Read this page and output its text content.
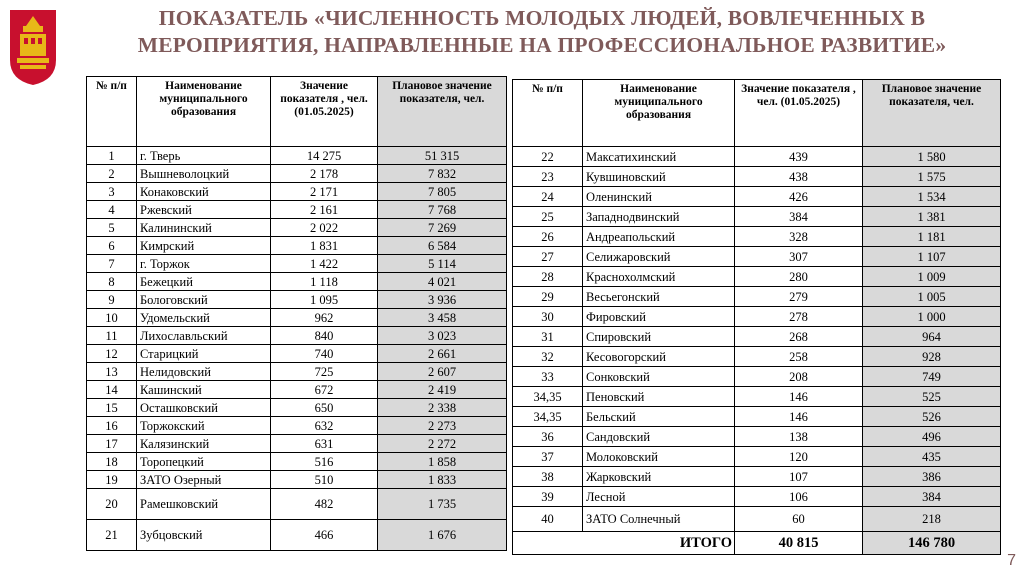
ПОКАЗАТЕЛЬ «ЧИСЛЕННОСТЬ МОЛОДЫХ ЛЮДЕЙ, ВОВЛЕЧЕННЫХ В
МЕРОПРИЯТИЯ, НАПРАВЛЕННЫЕ НА ПРОФЕССИОНАЛЬНОЕ РАЗВИТИЕ»
№ п/п	Наименование муниципального образования	Значение показателя , чел. (01.05.2025)	Плановое значение показателя, чел.
1	г. Тверь	14 275	51 315
2	Вышневолоцкий	2 178	7 832
3	Конаковский	2 171	7 805
4	Ржевский	2 161	7 768
5	Калининский	2 022	7 269
6	Кимрский	1 831	6 584
7	г. Торжок	1 422	5 114
8	Бежецкий	1 118	4 021
9	Бологовский	1 095	3 936
10	Удомельский	962	3 458
11	Лихославльский	840	3 023
12	Старицкий	740	2 661
13	Нелидовский	725	2 607
14	Кашинский	672	2 419
15	Осташковский	650	2 338
16	Торжокский	632	2 273
17	Калязинский	631	2 272
18	Торопецкий	516	1 858
19	ЗАТО Озерный	510	1 833
20	Рамешковский	482	1 735
21	Зубцовский	466	1 676
№ п/п	Наименование муниципального образования	Значение показателя , чел. (01.05.2025)	Плановое значение показателя, чел.
22	Максатихинский	439	1 580
23	Кувшиновский	438	1 575
24	Оленинский	426	1 534
25	Западнодвинский	384	1 381
26	Андреапольский	328	1 181
27	Селижаровский	307	1 107
28	Краснохолмский	280	1 009
29	Весьегонский	279	1 005
30	Фировский	278	1 000
31	Спировский	268	964
32	Кесовогорский	258	928
33	Сонковский	208	749
34,35	Пеновский	146	525
34,35	Бельский	146	526
36	Сандовский	138	496
37	Молоковский	120	435
38	Жарковский	107	386
39	Лесной	106	384
40	ЗАТО Солнечный	60	218
ИТОГО		40 815	146 780
7
